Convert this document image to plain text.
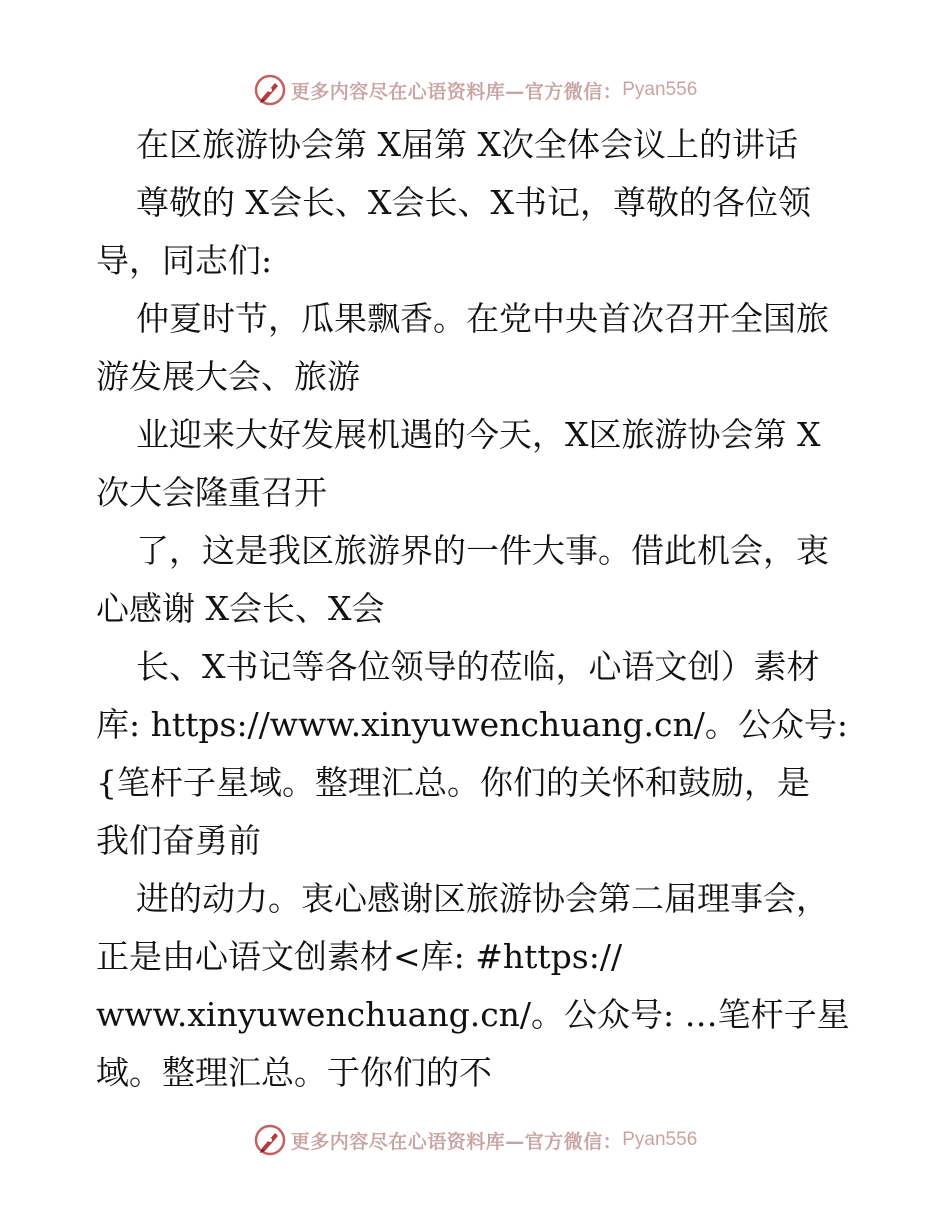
更多内容尽在心语资料库—官方微信： Pyan556
在区旅游协会第 X届第 X次全体会议上的讲话
尊敬的 X会长、X会长、X书记，尊敬的各位领
导，同志们:
仲夏时节，瓜果飘香。在党中央首次召开全国旅
游发展大会、旅游
业迎来大好发展机遇的今天，X区旅游协会第 X
次大会隆重召开
了，这是我区旅游界的一件大事。借此机会，衷
心感谢 X会长、X会
长、X书记等各位领导的莅临，心语文创）素材
库: https://www.xinyuwenchuang.cn/。公众号:
{笔杆子星域。整理汇总。你们的关怀和鼓励，是
我们奋勇前
进的动力。衷心感谢区旅游协会第二届理事会，
正是由心语文创素材<库: #https://
www.xinyuwenchuang.cn/。公众号: …笔杆子星
域。整理汇总。于你们的不
更多内容尽在心语资料库—官方微信： Pyan556
